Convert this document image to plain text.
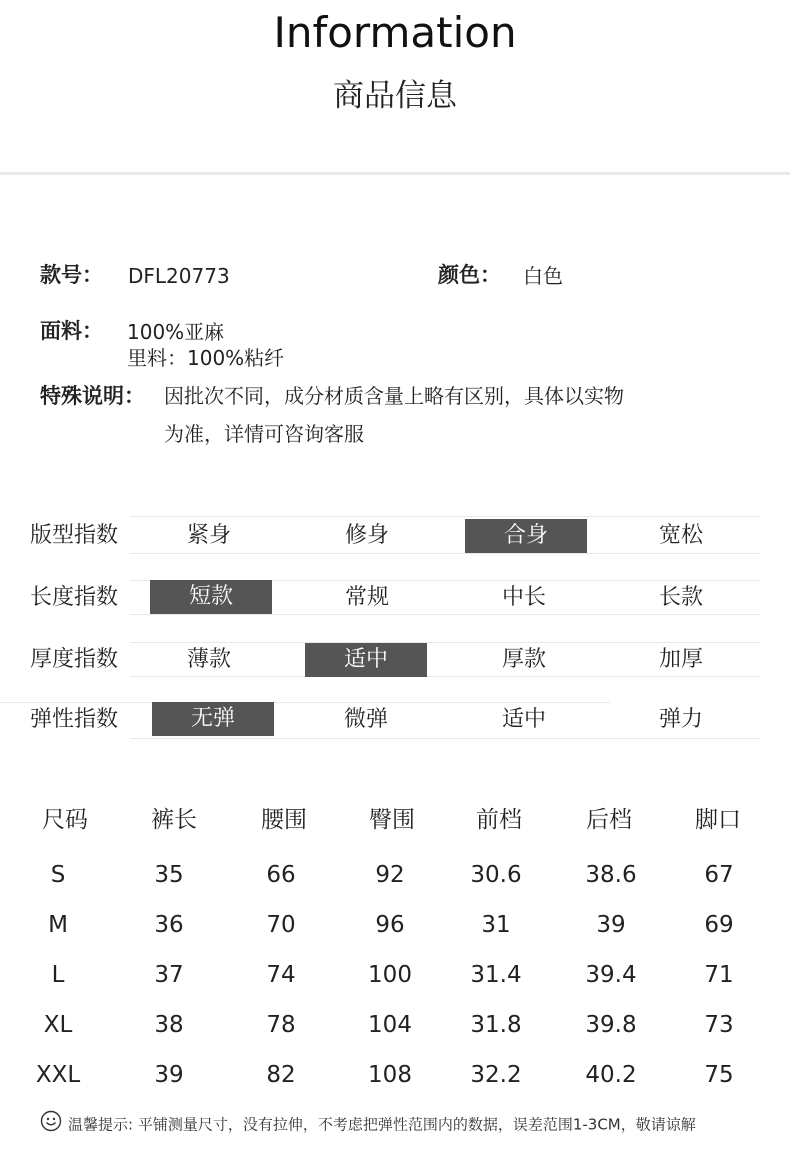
Information
商品信息
款号： DFL20773	颜色： 白色
面料： 100%亚麻
里料：100%粘纤
特殊说明： 因批次不同，成分材质含量上略有区别，具体以实物
为准，详情可咨询客服
版型指数	紧身	修身	合身	宽松
长度指数	短款	常规	中长	长款
厚度指数	薄款	适中	厚款	加厚
弹性指数	无弹	微弹	适中	弹力
尺码	裤长	腰围	臀围	前档	后档	脚口
S	35	66	92	30.6	38.6	67
M	36	70	96	31	39	69
L	37	74	100	31.4	39.4	71
XL	38	78	104	31.8	39.8	73
XXL	39	82	108	32.2	40.2	75
温馨提示: 平铺测量尺寸，没有拉伸，不考虑把弹性范围内的数据，误差范围1-3CM，敬请谅解
